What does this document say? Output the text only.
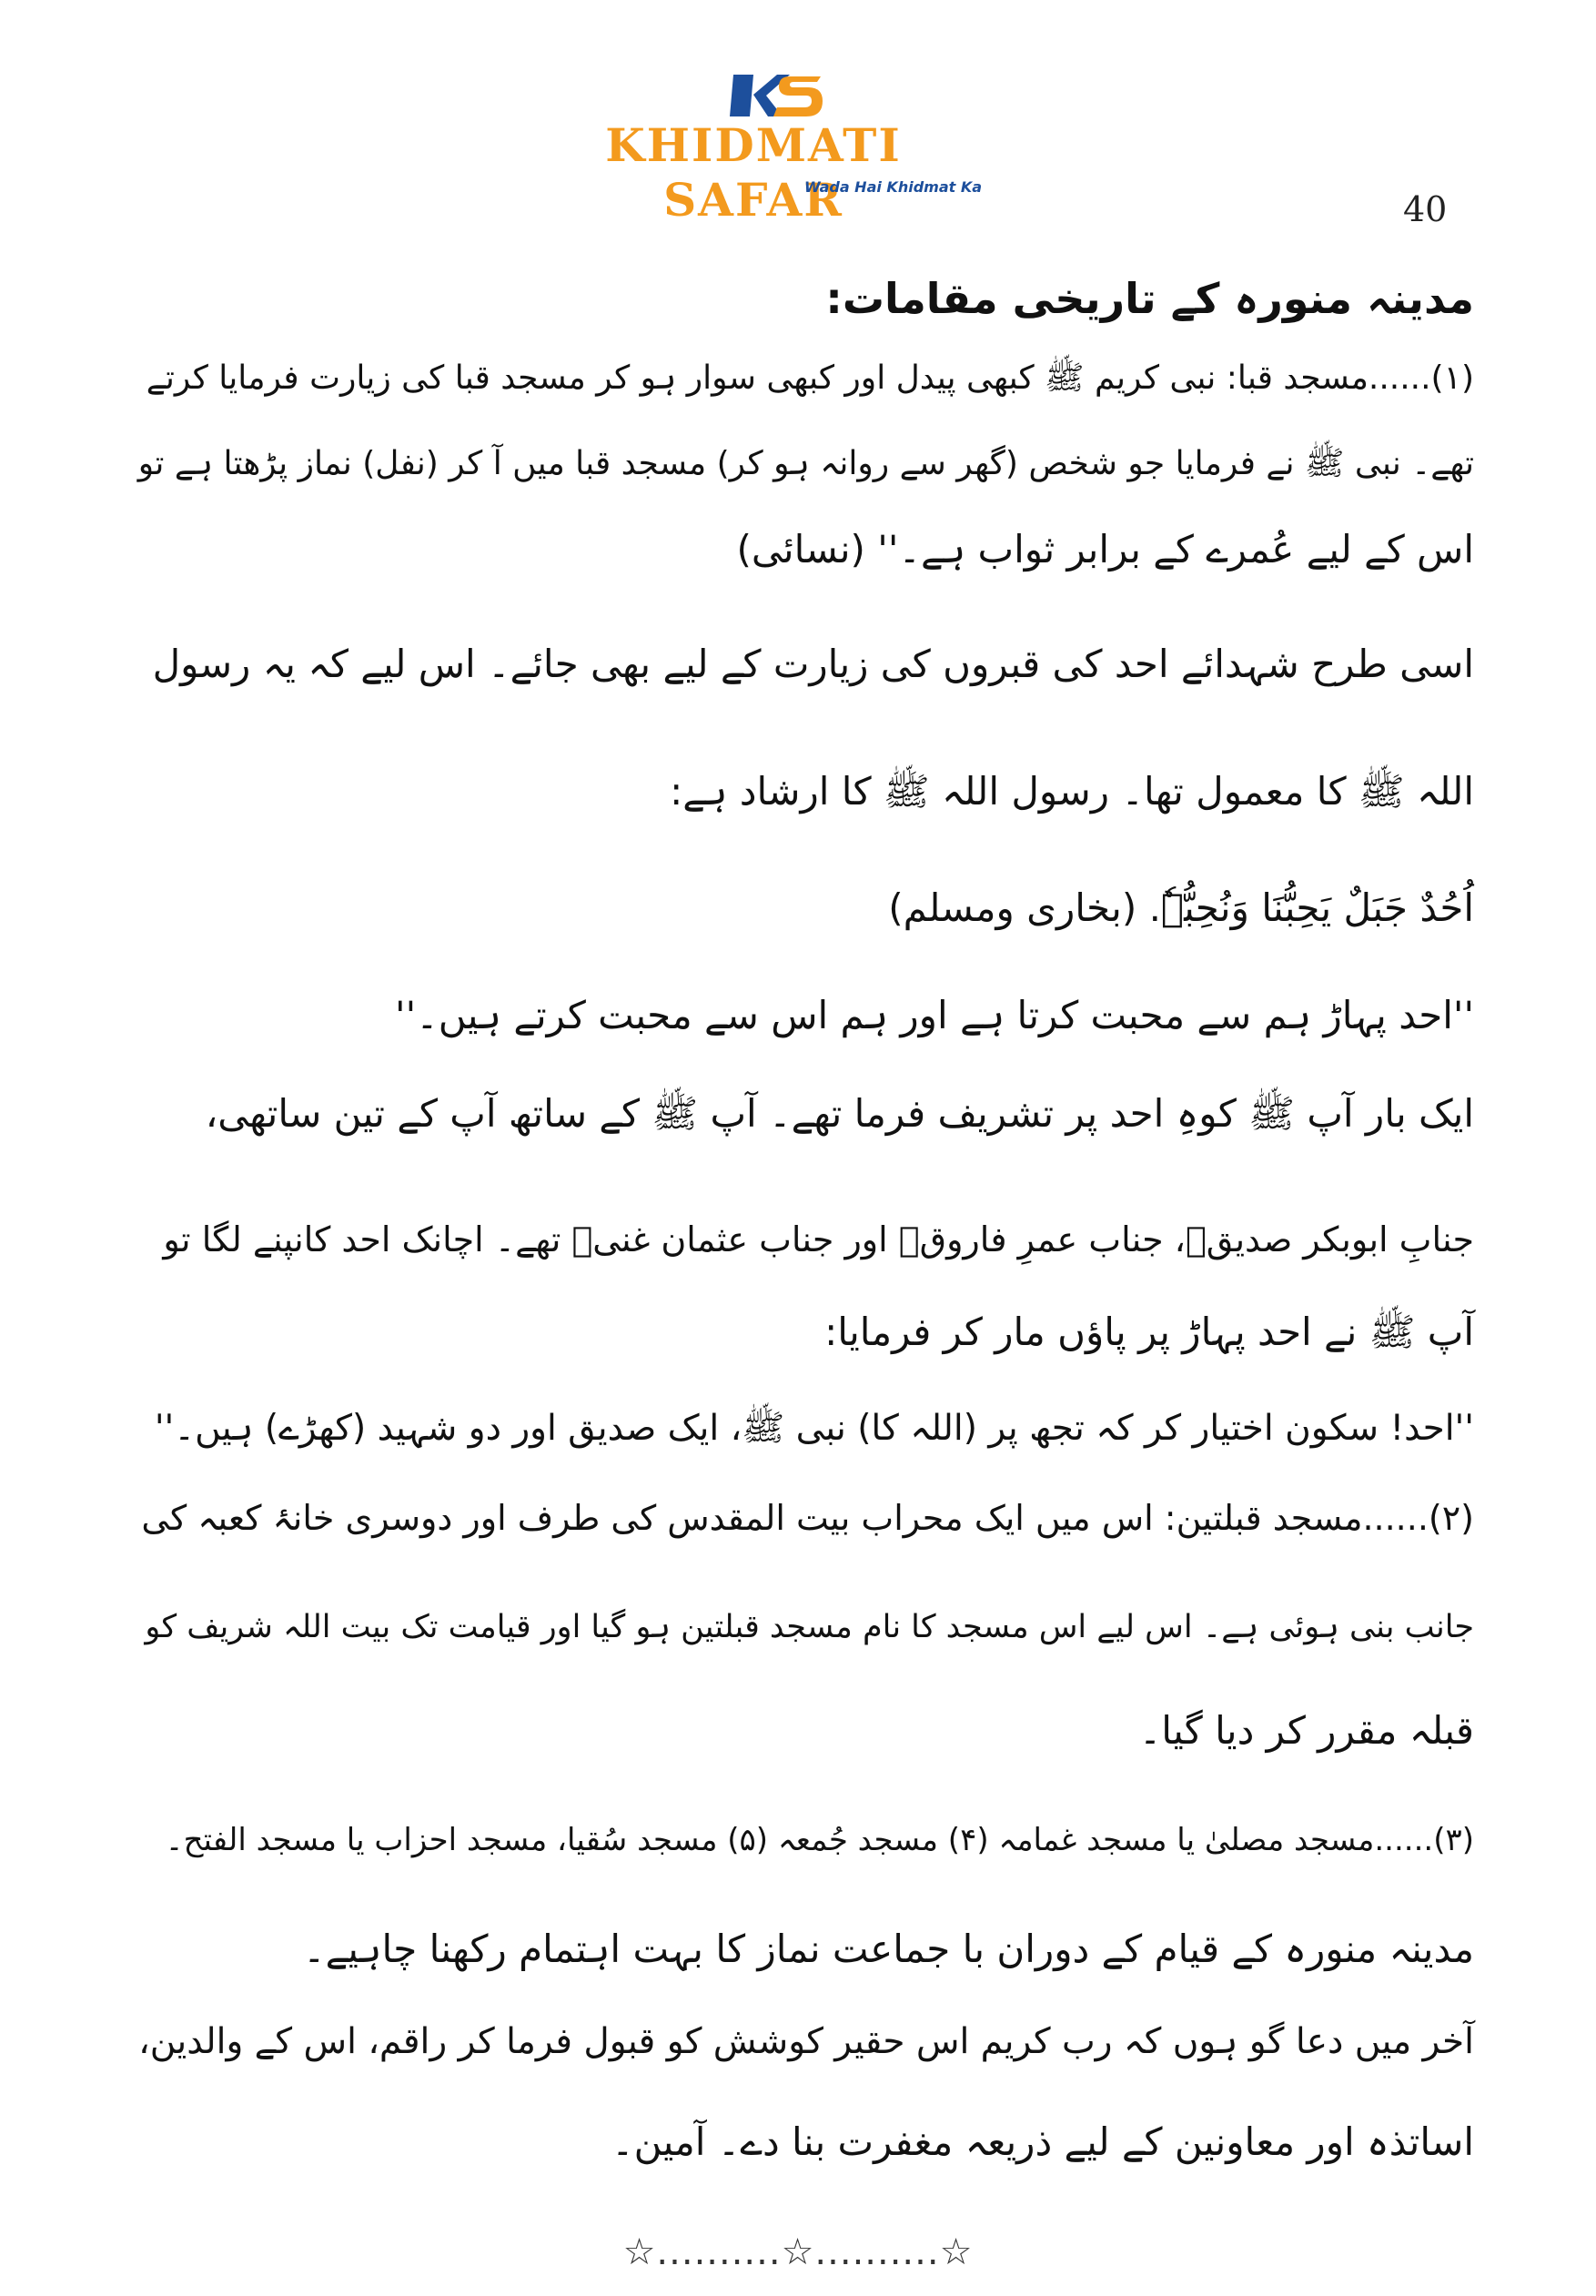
KHIDMATI SAFAR
Wada Hai Khidmat Ka
40
مدینہ منورہ کے تاریخی مقامات:
(۱)......مسجد قبا: نبی کریم ﷺ کبھی پیدل اور کبھی سوار ہو کر مسجد قبا کی زیارت فرمایا کرتے
تھے۔ نبی ﷺ نے فرمایا جو شخص (گھر سے روانہ ہو کر) مسجد قبا میں آ کر (نفل) نماز پڑھتا ہے تو
اس کے لیے عُمرے کے برابر ثواب ہے۔'' (نسائی)
اسی طرح شہدائے احد کی قبروں کی زیارت کے لیے بھی جائے۔ اس لیے کہ یہ رسول
اللہ ﷺ کا معمول تھا۔ رسول اللہ ﷺ کا ارشاد ہے:
اُحُدٌ جَبَلٌ یَحِبُّنَا وَنُحِبُّہٗ. (بخاری ومسلم)
''احد پہاڑ ہم سے محبت کرتا ہے اور ہم اس سے محبت کرتے ہیں۔''
ایک بار آپ ﷺ کوہِ احد پر تشریف فرما تھے۔ آپ ﷺ کے ساتھ آپ کے تین ساتھی،
جنابِ ابوبکر صدیقؓ، جناب عمرِ فاروقؓ اور جناب عثمان غنیؓ تھے۔ اچانک احد کانپنے لگا تو
آپ ﷺ نے احد پہاڑ پر پاؤں مار کر فرمایا:
''احد! سکون اختیار کر کہ تجھ پر (اللہ کا) نبی ﷺ، ایک صدیق اور دو شہید (کھڑے) ہیں۔''
(۲)......مسجد قبلتین: اس میں ایک محراب بیت المقدس کی طرف اور دوسری خانۂ کعبہ کی
جانب بنی ہوئی ہے۔ اس لیے اس مسجد کا نام مسجد قبلتین ہو گیا اور قیامت تک بیت اللہ شریف کو
قبلہ مقرر کر دیا گیا۔
(۳)......مسجد مصلیٰ یا مسجد غمامہ (۴) مسجد جُمعہ (۵) مسجد سُقیا، مسجد احزاب یا مسجد الفتح۔
مدینہ منورہ کے قیام کے دوران با جماعت نماز کا بہت اہتمام رکھنا چاہیے۔
آخر میں دعا گو ہوں کہ رب کریم اس حقیر کوشش کو قبول فرما کر راقم، اس کے والدین،
اساتذہ اور معاونین کے لیے ذریعہ مغفرت بنا دے۔ آمین۔
☆..........☆..........☆
